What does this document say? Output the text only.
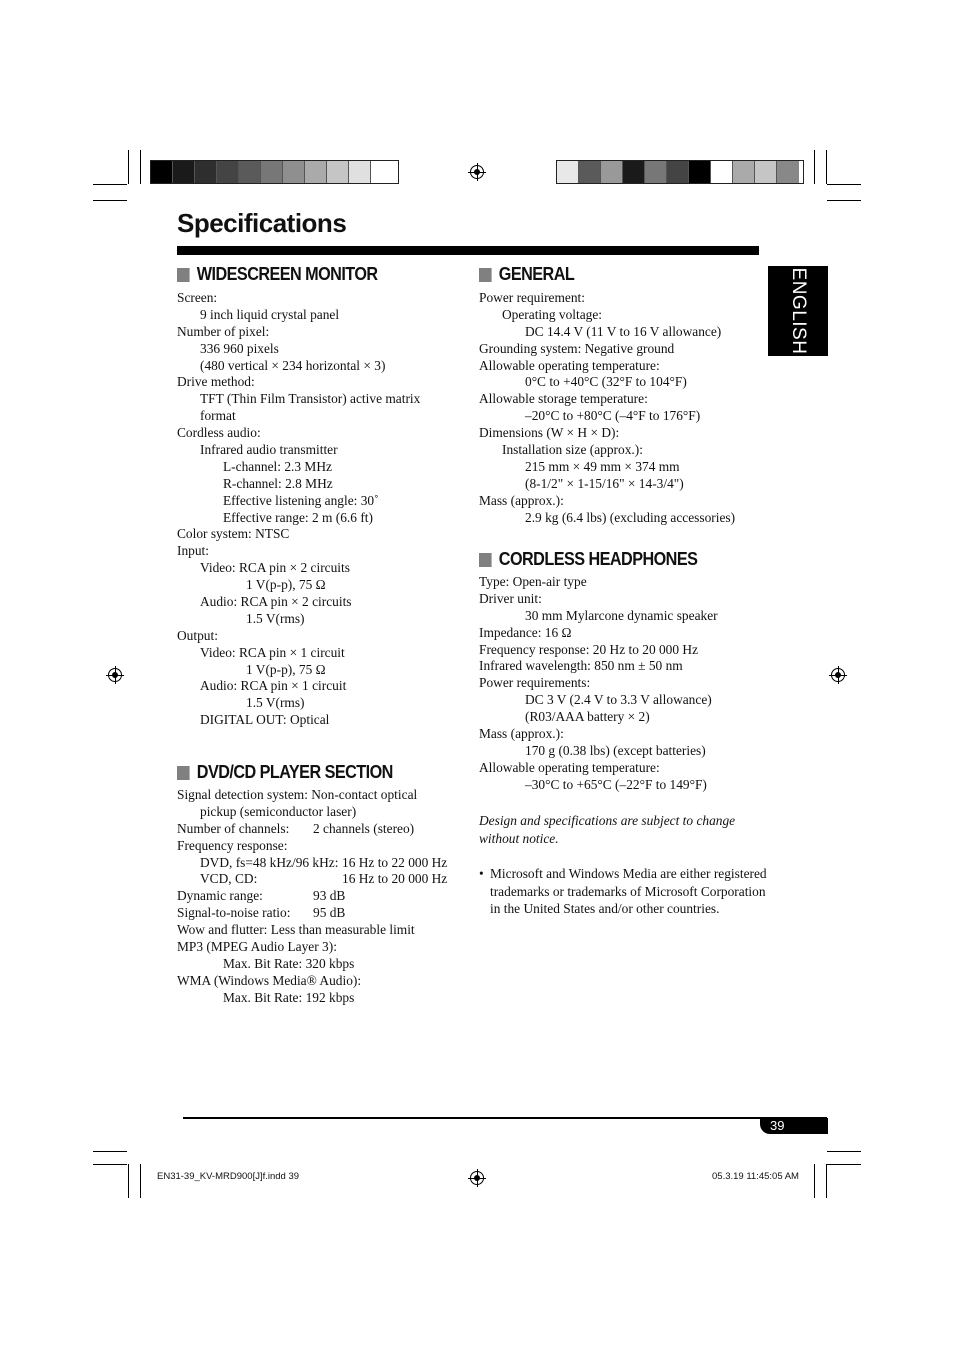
Specifications
ENGLISH
WIDESCREEN MONITOR
Screen:
9 inch liquid crystal panel
Number of pixel:
336 960 pixels
(480 vertical × 234 horizontal × 3)
Drive method:
TFT (Thin Film Transistor) active matrix
format
Cordless audio:
Infrared audio transmitter
L-channel: 2.3 MHz
R-channel: 2.8 MHz
Effective listening angle: 30˚
Effective range: 2 m (6.6 ft)
Color system: NTSC
Input:
Video: RCA pin × 2 circuits
1 V(p-p), 75 Ω
Audio: RCA pin × 2 circuits
1.5 V(rms)
Output:
Video: RCA pin × 1 circuit
1 V(p-p), 75 Ω
Audio: RCA pin × 1 circuit
1.5 V(rms)
DIGITAL OUT: Optical
DVD/CD PLAYER SECTION
Signal detection system: Non-contact optical
pickup (semiconductor laser)
Number of channels: 2 channels (stereo)
Frequency response:
DVD, fs=48 kHz/96 kHz: 16 Hz to 22 000 Hz
VCD, CD:	16 Hz to 20 000 Hz
Dynamic range:	93 dB
Signal-to-noise ratio: 95 dB
Wow and flutter: Less than measurable limit
MP3 (MPEG Audio Layer 3):
Max. Bit Rate: 320 kbps
WMA (Windows Media® Audio):
Max. Bit Rate: 192 kbps
GENERAL
Power requirement:
Operating voltage:
DC 14.4 V (11 V to 16 V allowance)
Grounding system: Negative ground
Allowable operating temperature:
0°C to +40°C (32°F to 104°F)
Allowable storage temperature:
–20°C to +80°C (–4°F to 176°F)
Dimensions (W × H × D):
Installation size (approx.):
215 mm × 49 mm × 374 mm
(8-1/2" × 1-15/16" × 14-3/4")
Mass (approx.):
2.9 kg (6.4 lbs) (excluding accessories)
CORDLESS HEADPHONES
Type: Open-air type
Driver unit:
30 mm Mylarcone dynamic speaker
Impedance: 16 Ω
Frequency response: 20 Hz to 20 000 Hz
Infrared wavelength: 850 nm ± 50 nm
Power requirements:
DC 3 V (2.4 V to 3.3 V allowance)
(R03/AAA battery × 2)
Mass (approx.):
170 g (0.38 lbs) (except batteries)
Allowable operating temperature:
–30°C to +65°C (–22°F to 149°F)
Design and specifications are subject to change without notice.
• Microsoft and Windows Media are either registered trademarks or trademarks of Microsoft Corporation in the United States and/or other countries.
39
EN31-39_KV-MRD900[J]f.indd 39	05.3.19 11:45:05 AM
